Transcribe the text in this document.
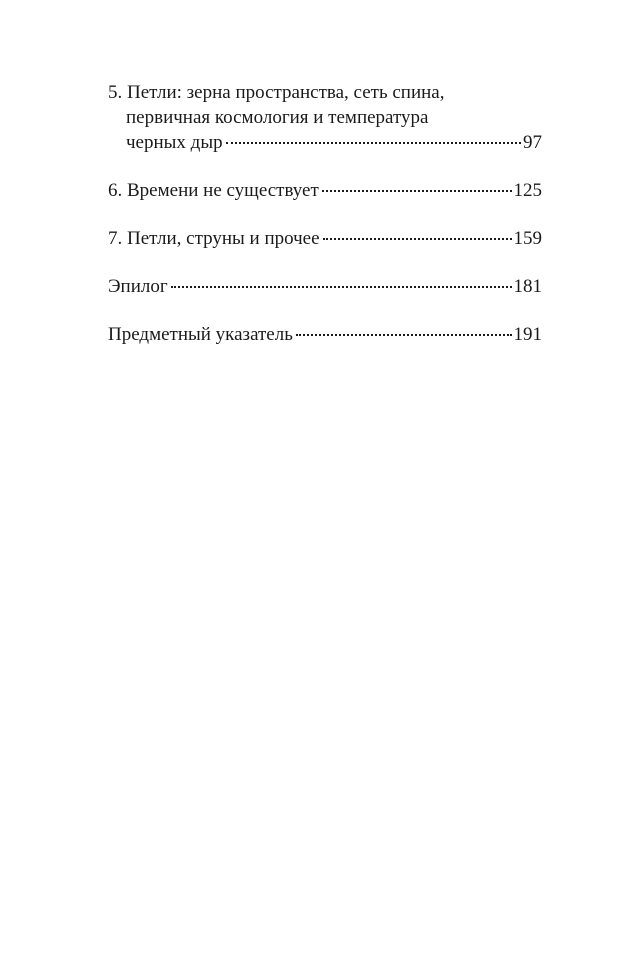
5. Петли: зерна пространства, сеть спина,
первичная космология и температура
черных дыр	97
6. Времени не существует	125
7. Петли, струны и прочее	159
Эпилог	181
Предметный указатель	191
